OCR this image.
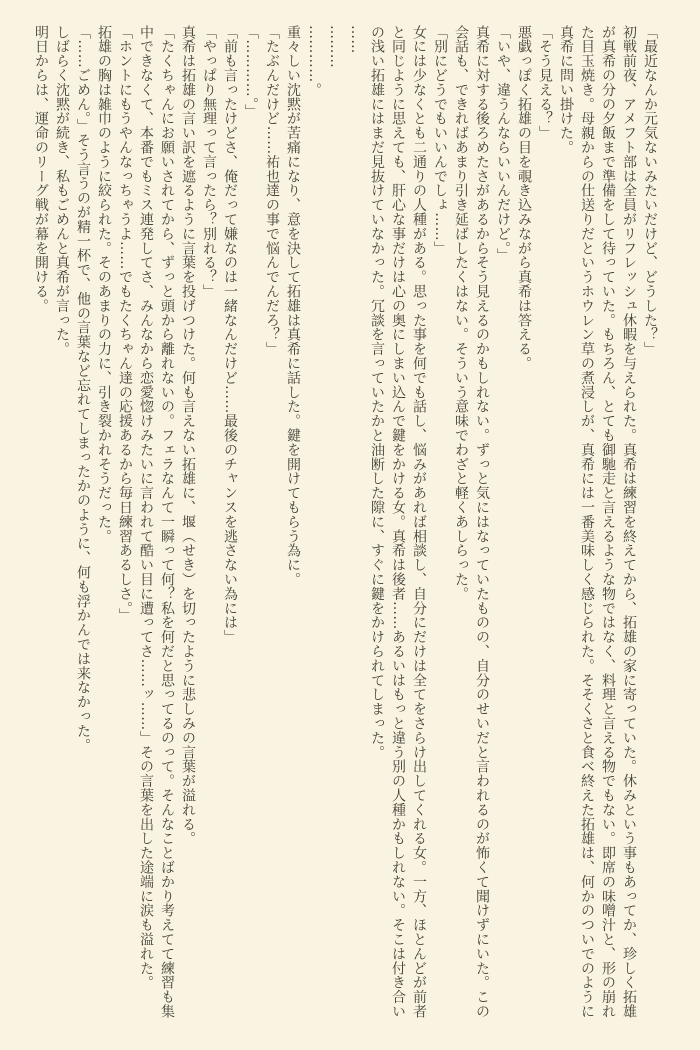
「最近なんか元気ないみたいだけど、どうした？」
初戦前夜、アメフト部は全員がリフレッシュ休暇を与えられた。真希は練習を終えてから、拓雄の家に寄っていた。休みという事もあってか、珍しく拓雄
が真希の分の夕飯まで準備をして待っていた。もちろん、とても御馳走と言えるような物ではなく、料理と言える物でもない。即席の味噌汁と、形の崩れ
た目玉焼き。母親からの仕送りだというホウレン草の煮浸しが、真希には一番美味しく感じられた。そそくさと食べ終えた拓雄は、何かのついでのように
真希に問い掛けた。
「そう見える？」
悪戯っぽく拓雄の目を覗き込みながら真希は答える。
「いや、違うんならいいんだけど。」
真希に対する後ろめたさがあるからそう見えるのかもしれない。ずっと気にはなっていたものの、自分のせいだと言われるのが怖くて聞けずにいた。この
会話も、できればあまり引き延ばしたくはない。そういう意味でわざと軽くあしらった。
「別にどうでもいいんでしょ……」
女には少なくとも二通りの人種がある。思った事を何でも話し、悩みがあれば相談し、自分にだけは全てをさらけ出してくれる女。一方、ほとんどが前者
と同じように思えても、肝心な事だけは心の奥にしまい込んで鍵をかける女。真希は後者……あるいはもっと違う別の人種かもしれない。そこは付き合い
の浅い拓雄にはまだ見抜けていなかった。冗談を言っていたかと油断した隙に、すぐに鍵をかけられてしまった。
……
………
…………。
重々しい沈黙が苦痛になり、意を決して拓雄は真希に話した。鍵を開けてもらう為に。
「たぶんだけど……祐也達の事で悩んでんだろ？」
「…………。」
「前も言ったけどさ、俺だって嫌なのは一緒なんだけど……最後のチャンスを逃さない為には」
「やっぱり無理って言ったら？別れる？」
真希は拓雄の言い訳を遮るように言葉を投げつけた。何も言えない拓雄に、堰（せき）を切ったように悲しみの言葉が溢れる。
「たくちゃんにお願いされてから、ずっと頭から離れないの。フェラなんて一瞬って何？私を何だと思ってるのって。そんなことばかり考えてて練習も集
中できなくて、本番でもミス連発してさ、みんなから恋愛惚けみたいに言われて酷い目に遭ってさ……ッ……」その言葉を出した途端に涙も溢れた。
「ホントにもうやんなっちゃうよ……でもたくちゃん達の応援あるから毎日練習あるしさ。」
拓雄の胸は雑巾のように絞られた。そのあまりの力に、引き裂かれそうだった。
「……ごめん。」そう言うのが精一杯で、他の言葉など忘れてしまったかのように、何も浮かんでは来なかった。
しばらく沈黙が続き、私もごめんと真希が言った。
明日からは、運命のリーグ戦が幕を開ける。
